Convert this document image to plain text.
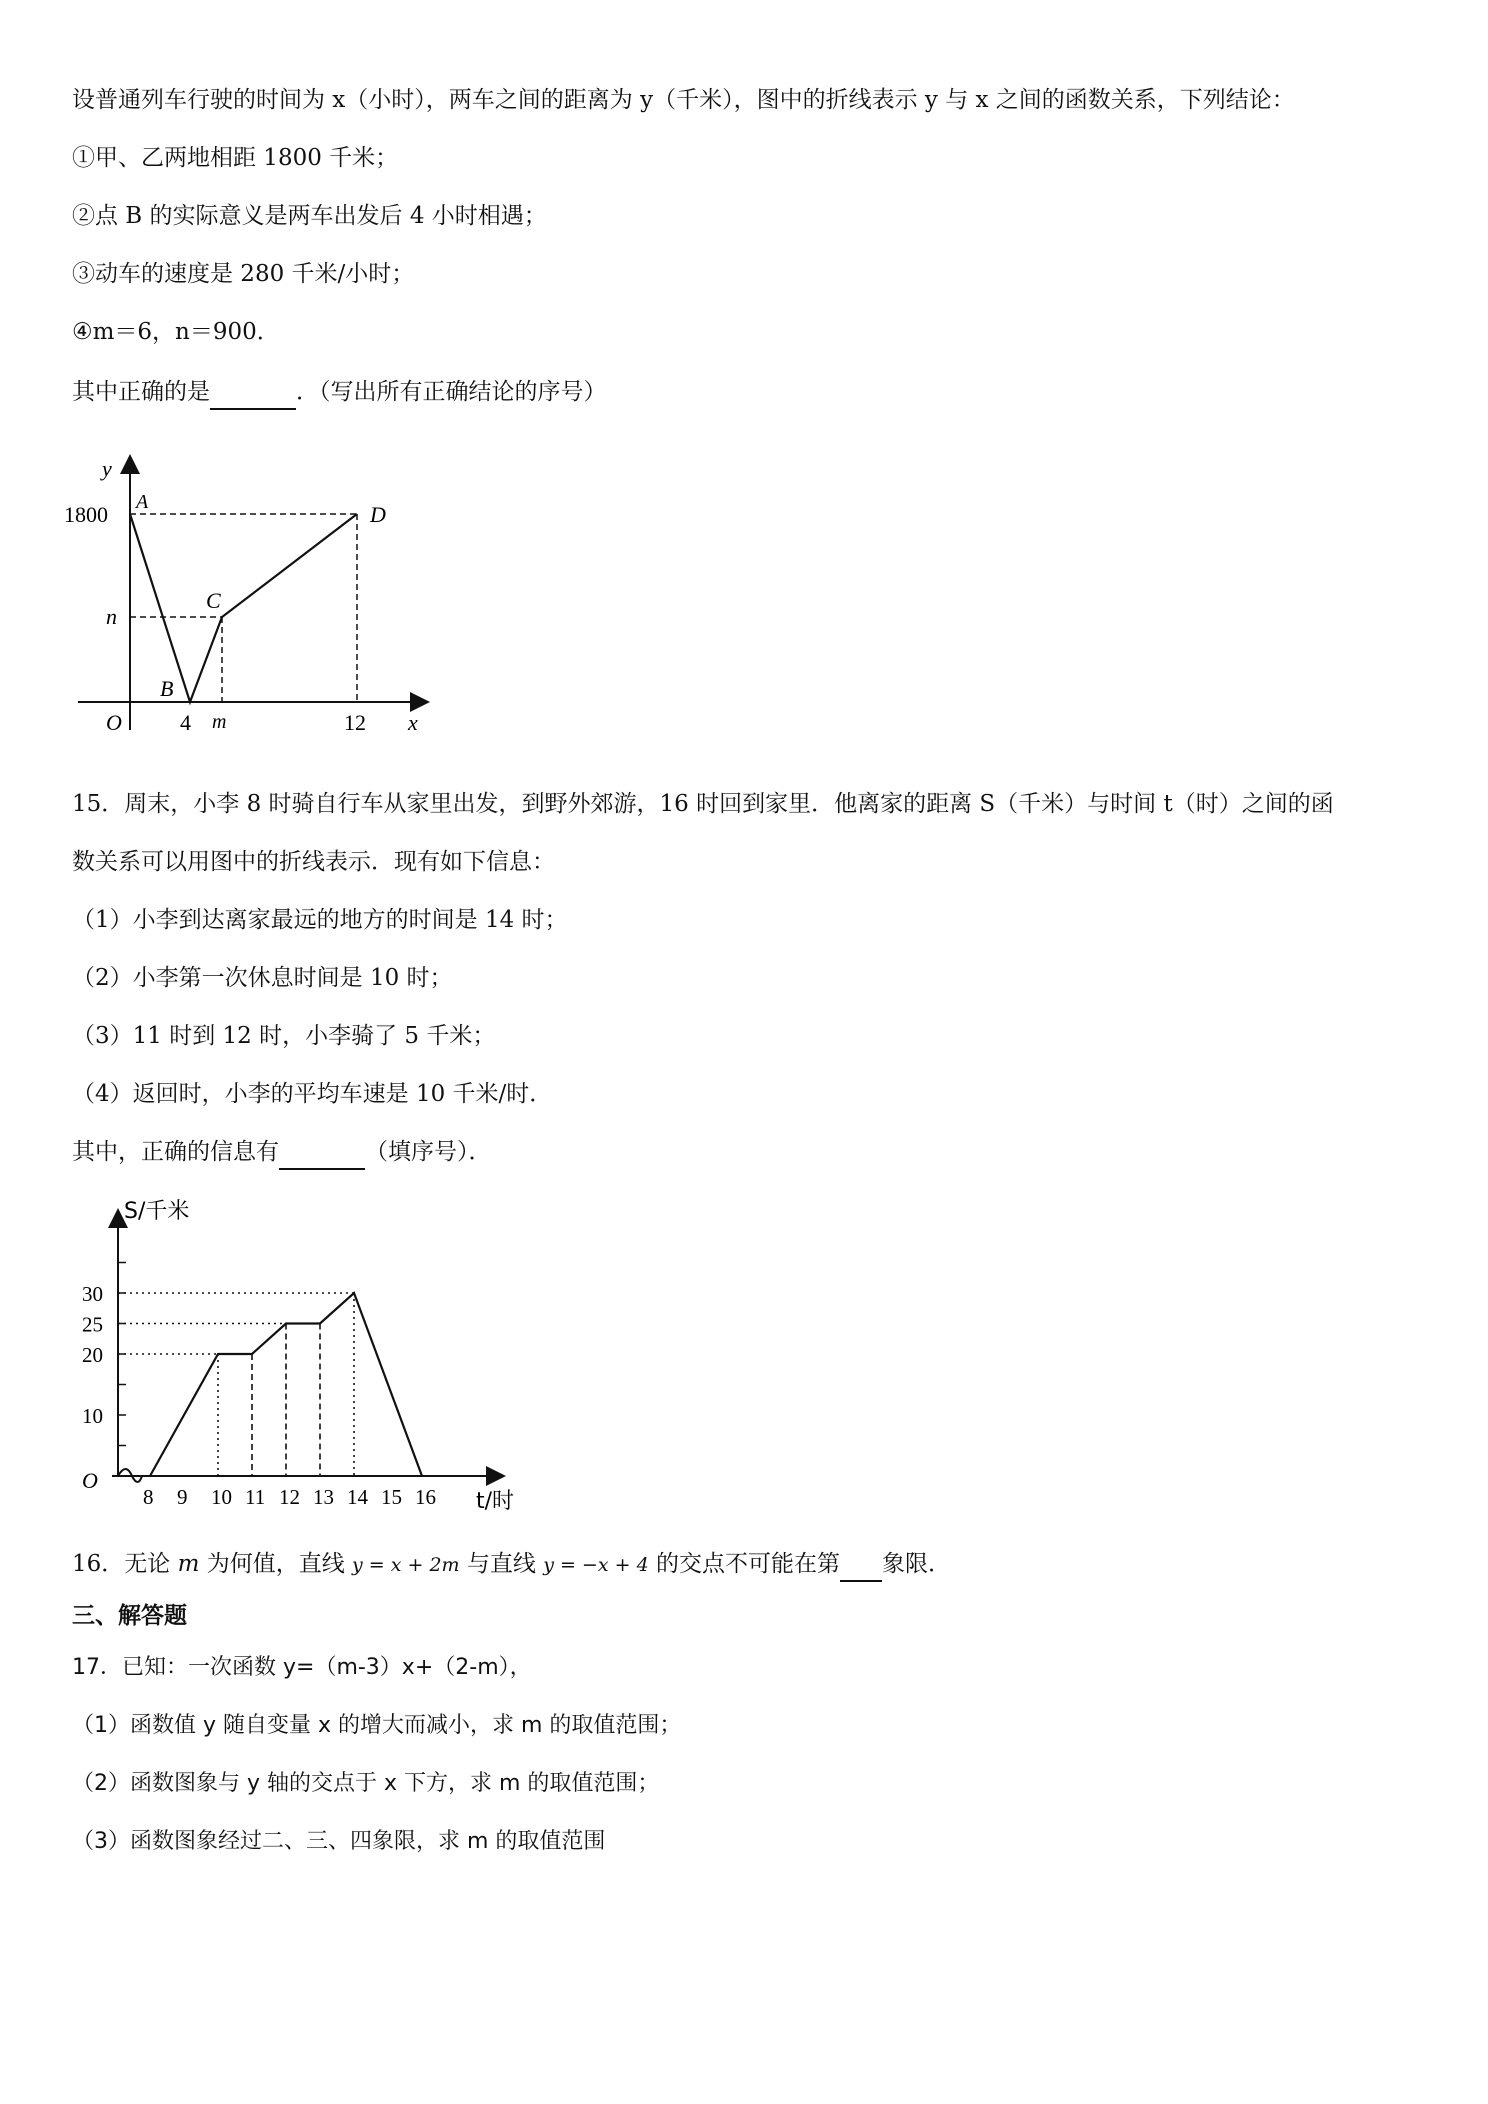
设普通列车行驶的时间为 x（小时），两车之间的距离为 y（千米），图中的折线表示 y 与 x 之间的函数关系，下列结论：
①甲、乙两地相距 1800 千米；
②点 B 的实际意义是两车出发后 4 小时相遇；
③动车的速度是 280 千米/小时；
④m＝6，n＝900．
其中正确的是	．（写出所有正确结论的序号）
y
x
O
1800
n
A
B
C
D
4 m	12
15．周末，小李 8 时骑自行车从家里出发，到野外郊游，16 时回到家里．他离家的距离 S（千米）与时间 t（时）之间的函
数关系可以用图中的折线表示．现有如下信息：
（1）小李到达离家最远的地方的时间是 14 时；
（2）小李第一次休息时间是 10 时；
（3）11 时到 12 时，小李骑了 5 千米；
（4）返回时，小李的平均车速是 10 千米/时．
其中，正确的信息有	（填序号）．
8 9 10 11 12 13 14 15 16
10
20
25
30
O
S/千米
t/时
16．无论 m 为何值，直线 y = x + 2m 与直线 y = −x + 4 的交点不可能在第 象限．
三、解答题
17．已知：一次函数 y=（m-3）x+（2-m），
（1）函数值 y 随自变量 x 的增大而减小，求 m 的取值范围；
（2）函数图象与 y 轴的交点于 x 下方，求 m 的取值范围；
（3）函数图象经过二、三、四象限，求 m 的取值范围
